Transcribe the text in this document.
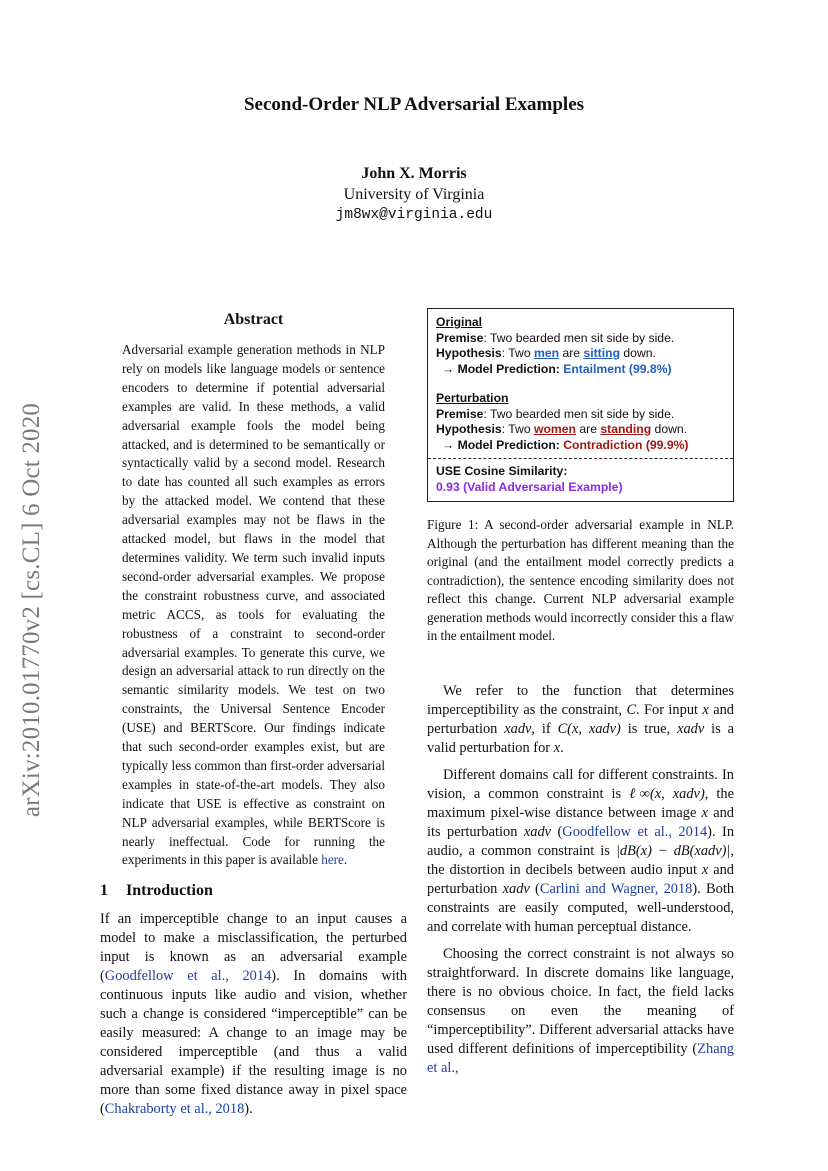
arXiv:2010.01770v2 [cs.CL] 6 Oct 2020
Second-Order NLP Adversarial Examples
John X. Morris
University of Virginia
jm8wx@virginia.edu
Abstract
Adversarial example generation methods in NLP rely on models like language models or sentence encoders to determine if potential adversarial examples are valid. In these methods, a valid adversarial example fools the model being attacked, and is determined to be semantically or syntactically valid by a second model. Research to date has counted all such examples as errors by the attacked model. We contend that these adversarial examples may not be flaws in the attacked model, but flaws in the model that determines validity. We term such invalid inputs second-order adversarial examples. We propose the constraint robustness curve, and associated metric ACCS, as tools for evaluating the robustness of a constraint to second-order adversarial examples. To generate this curve, we design an adversarial attack to run directly on the semantic similarity models. We test on two constraints, the Universal Sentence Encoder (USE) and BERTScore. Our findings indicate that such second-order examples exist, but are typically less common than first-order adversarial examples in state-of-the-art models. They also indicate that USE is effective as constraint on NLP adversarial examples, while BERTScore is nearly ineffectual. Code for running the experiments in this paper is available here.
1 Introduction

If an imperceptible change to an input causes a model to make a misclassification, the perturbed input is known as an adversarial example (Goodfellow et al., 2014). In domains with continuous inputs like audio and vision, whether such a change is considered “imperceptible” can be easily measured: A change to an image may be considered imperceptible (and thus a valid adversarial example) if the resulting image is no more than some fixed distance away in pixel space (Chakraborty et al., 2018).

Original
Premise: Two bearded men sit side by side.
Hypothesis: Two men are sitting down.
→ Model Prediction: Entailment (99.8%)
Perturbation
Premise: Two bearded men sit side by side.
Hypothesis: Two women are standing down.
→ Model Prediction: Contradiction (99.9%)
USE Cosine Similarity:
0.93 (Valid Adversarial Example)
Figure 1: A second-order adversarial example in NLP. Although the perturbation has different meaning than the original (and the entailment model correctly predicts a contradiction), the sentence encoding similarity does not reflect this change. Current NLP adversarial example generation methods would incorrectly consider this a flaw in the entailment model.

We refer to the function that determines imperceptibility as the constraint, C. For input x and perturbation xadv, if C(x, xadv) is true, xadv is a valid perturbation for x.

Different domains call for different constraints. In vision, a common constraint is ℓ∞(x, xadv), the maximum pixel-wise distance between image x and its perturbation xadv (Goodfellow et al., 2014). In audio, a common constraint is |dB(x) − dB(xadv)|, the distortion in decibels between audio input x and perturbation xadv (Carlini and Wagner, 2018). Both constraints are easily computed, well-understood, and correlate with human perceptual distance.

Choosing the correct constraint is not always so straightforward. In discrete domains like language, there is no obvious choice. In fact, the field lacks consensus on even the meaning of “imperceptibility”. Different adversarial attacks have used different definitions of imperceptibility (Zhang et al.,
